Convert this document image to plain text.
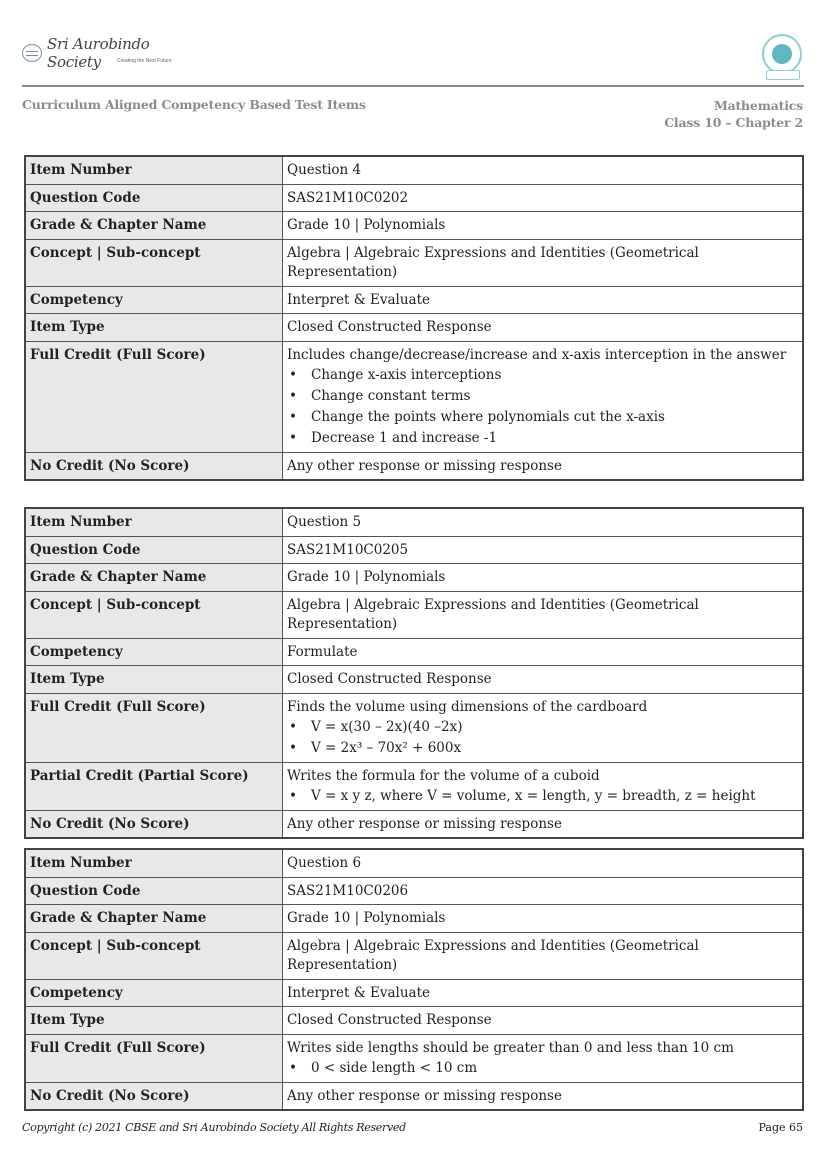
Sri Aurobindo Society	Creating the Next Future
Curriculum Aligned Competency Based Test Items	Mathematics
Class 10 – Chapter 2
Item Number	Question 4
Question Code	SAS21M10C0202
Grade & Chapter Name	Grade 10 | Polynomials
Concept | Sub-concept	Algebra | Algebraic Expressions and Identities (Geometrical Representation)
Competency	Interpret & Evaluate
Item Type	Closed Constructed Response
Full Credit (Full Score)	Includes change/decrease/increase and x-axis interception in the answer
• Change x-axis interceptions
• Change constant terms
• Change the points where polynomials cut the x-axis
• Decrease 1 and increase -1

No Credit (No Score)	Any other response or missing response
Item Number	Question 5
Question Code	SAS21M10C0205
Grade & Chapter Name	Grade 10 | Polynomials
Concept | Sub-concept	Algebra | Algebraic Expressions and Identities (Geometrical Representation)
Competency	Formulate
Item Type	Closed Constructed Response
Full Credit (Full Score)	Finds the volume using dimensions of the cardboard
• V = x(30 – 2x)(40 –2x)
• V = 2x³ – 70x² + 600x

Partial Credit (Partial Score)	Writes the formula for the volume of a cuboid
• V = x y z, where V = volume, x = length, y = breadth, z = height

No Credit (No Score)	Any other response or missing response
Item Number	Question 6
Question Code	SAS21M10C0206
Grade & Chapter Name	Grade 10 | Polynomials
Concept | Sub-concept	Algebra | Algebraic Expressions and Identities (Geometrical Representation)
Competency	Interpret & Evaluate
Item Type	Closed Constructed Response
Full Credit (Full Score)	Writes side lengths should be greater than 0 and less than 10 cm
• 0 < side length < 10 cm

No Credit (No Score)	Any other response or missing response
Copyright (c) 2021 CBSE and Sri Aurobindo Society All Rights Reserved	Page 65
